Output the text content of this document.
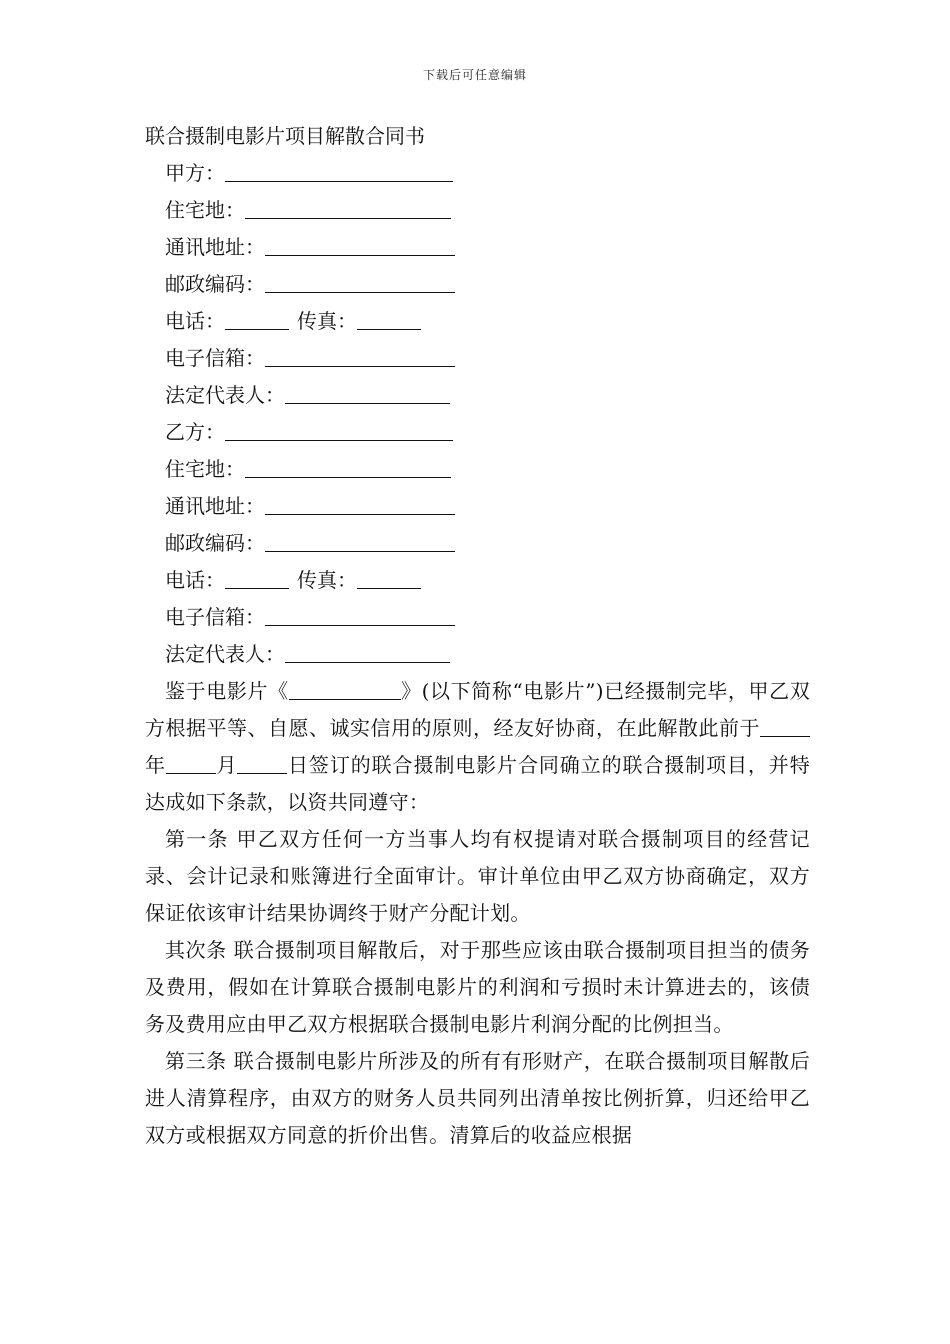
下载后可任意编辑
联合摄制电影片项目解散合同书
甲方：
住宅地：
通讯地址：
邮政编码：
电话：	传真：
电子信箱：
法定代表人：
乙方：
住宅地：
通讯地址：
邮政编码：
电话：	传真：
电子信箱：
法定代表人：

鉴于电影片《	》(以下简称“电影片”)已经摄制完毕，甲乙双方根据平等、自愿、诚实信用的原则，经友好协商，在此解散此前于年	月	日签订的联合摄制电影片合同确立的联合摄制项目，并特达成如下条款，以资共同遵守：

第一条 甲乙双方任何一方当事人均有权提请对联合摄制项目的经营记录、会计记录和账簿进行全面审计。审计单位由甲乙双方协商确定，双方保证依该审计结果协调终于财产分配计划。

其次条 联合摄制项目解散后，对于那些应该由联合摄制项目担当的债务及费用，假如在计算联合摄制电影片的利润和亏损时未计算进去的，该债务及费用应由甲乙双方根据联合摄制电影片利润分配的比例担当。

第三条 联合摄制电影片所涉及的所有有形财产，在联合摄制项目解散后进人清算程序，由双方的财务人员共同列出清单按比例折算，归还给甲乙双方或根据双方同意的折价出售。清算后的收益应根据
